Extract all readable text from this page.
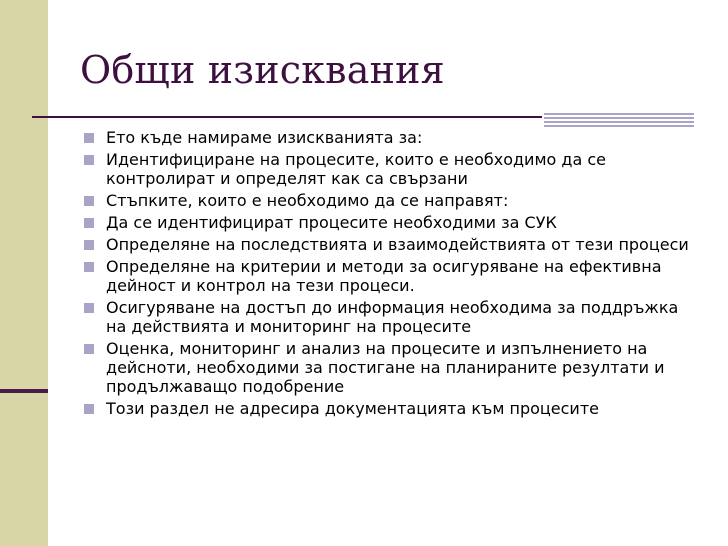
Общи изисквания
Ето къде намираме изискванията за:
Идентифициране на процесите, които е необходимо да се контролират и определят как са свързани
Стъпките, които е необходимо да се направят:
Да се идентифицират процесите необходими за СУК
Определяне на последствията и взаимодействията от тези процеси
Определяне на критерии и методи за осигуряване на ефективна дейност и контрол на тези процеси.
Осигуряване на достъп до информация необходима за поддръжка на действията и мониторинг на процесите
Оценка, мониторинг и анализ на процесите и изпълнението на дейсноти, необходими за постигане на планираните резултати и продължаващо подобрение
Този раздел не адресира документацията към процесите
